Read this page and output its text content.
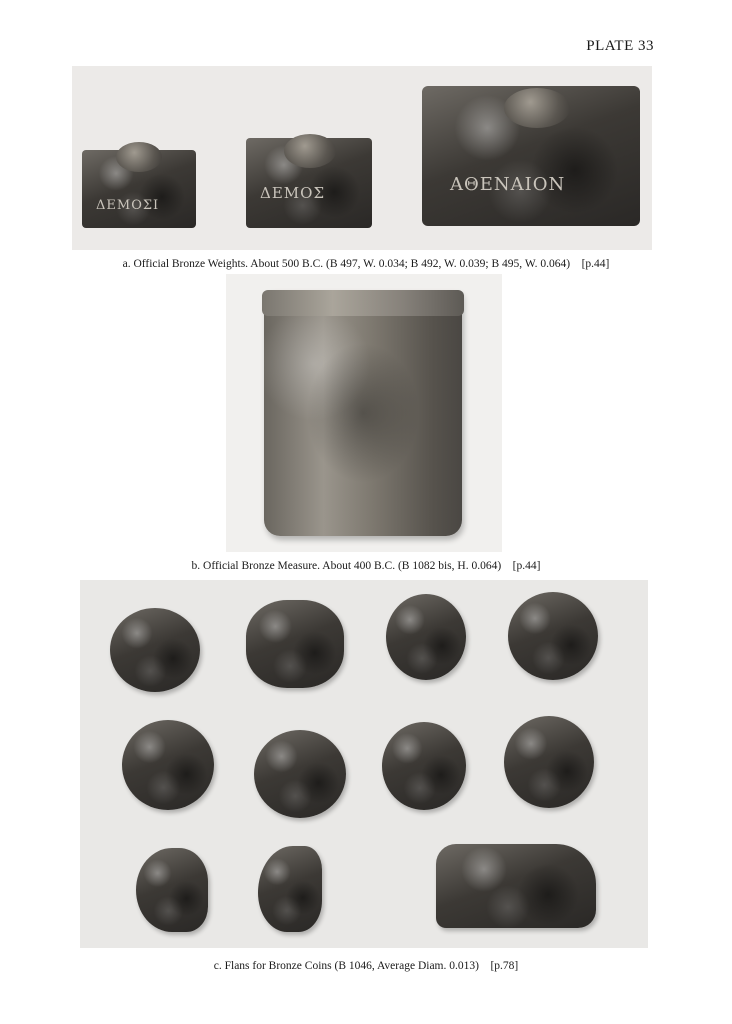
PLATE 33
ΔΕΜΟΣΙ
ΔΕΜΟΣ	ΑΘΕΝΑΙΟΝ
a. Official Bronze Weights. About 500 B.C. (B 497, W. 0.034; B 492, W. 0.039; B 495, W. 0.064)    [p.44]
b. Official Bronze Measure. About 400 B.C. (B 1082 bis, H. 0.064)    [p.44]
c. Flans for Bronze Coins (B 1046, Average Diam. 0.013)    [p.78]
